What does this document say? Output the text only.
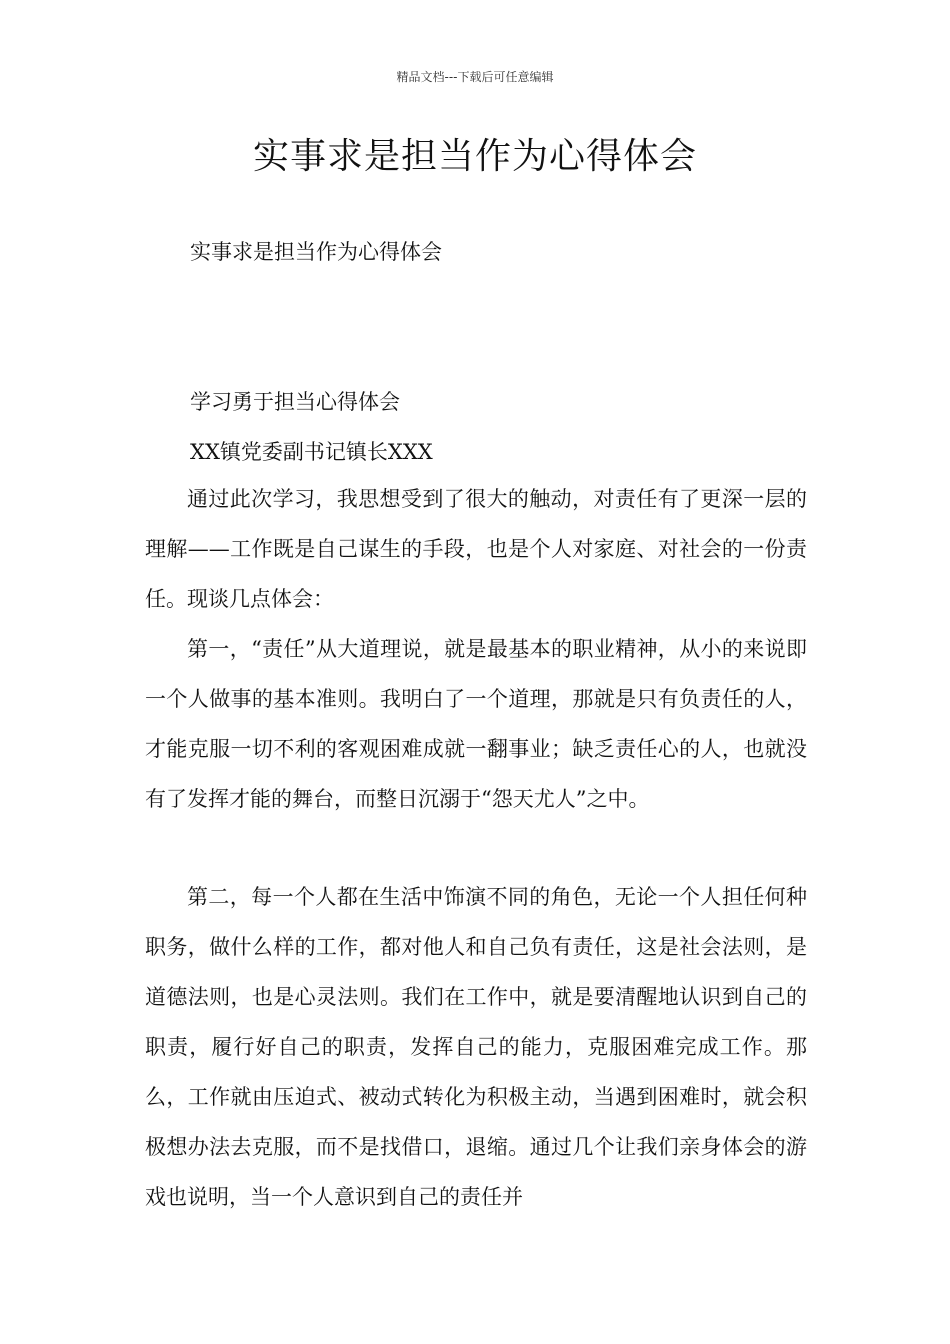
精品文档---下载后可任意编辑
实事求是担当作为心得体会
实事求是担当作为心得体会
学习勇于担当心得体会
XX镇党委副书记镇长XXX

通过此次学习，我思想受到了很大的触动，对责任有了更深一层的理解——工作既是自己谋生的手段，也是个人对家庭、对社会的一份责任。现谈几点体会：

第一，“责任”从大道理说，就是最基本的职业精神，从小的来说即一个人做事的基本准则。我明白了一个道理，那就是只有负责任的人，才能克服一切不利的客观困难成就一翻事业；缺乏责任心的人，也就没有了发挥才能的舞台，而整日沉溺于“怨天尤人”之中。

第二，每一个人都在生活中饰演不同的角色，无论一个人担任何种职务，做什么样的工作，都对他人和自己负有责任，这是社会法则，是道德法则，也是心灵法则。我们在工作中，就是要清醒地认识到自己的职责，履行好自己的职责，发挥自己的能力，克服困难完成工作。那么，工作就由压迫式、被动式转化为积极主动，当遇到困难时，就会积极想办法去克服，而不是找借口，退缩。通过几个让我们亲身体会的游戏也说明，当一个人意识到自己的责任并
